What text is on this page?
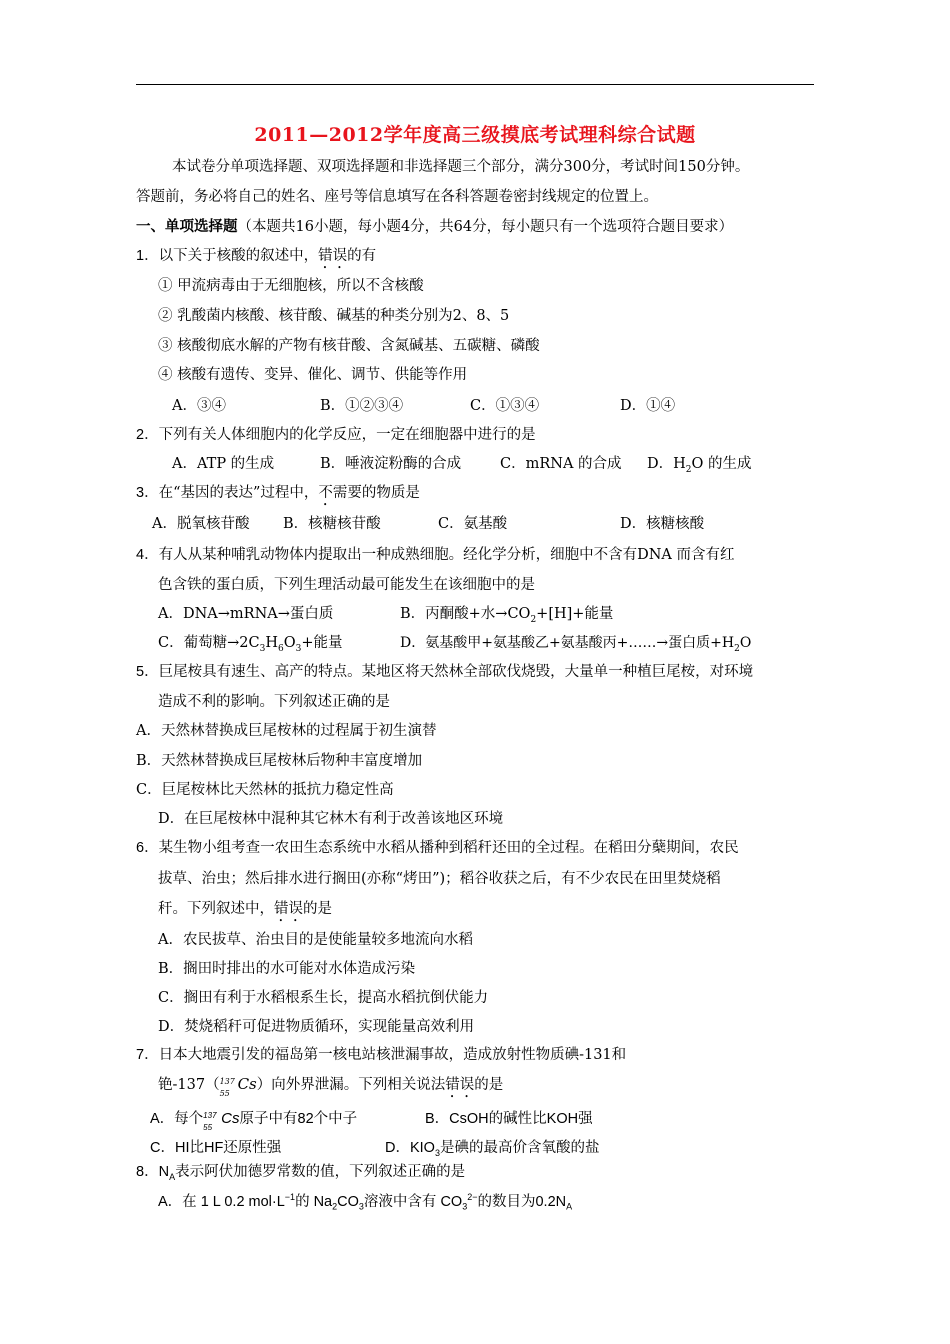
2011—2012学年度高三级摸底考试理科综合试题
本试卷分单项选择题、双项选择题和非选择题三个部分，满分300分，考试时间150分钟。
答题前，务必将自己的姓名、座号等信息填写在各科答题卷密封线规定的位置上。
一、单项选择题（本题共16小题，每小题4分，共64分，每小题只有一个选项符合题目要求）
1．以下关于核酸的叙述中，错误的有
① 甲流病毒由于无细胞核，所以不含核酸
② 乳酸菌内核酸、核苷酸、碱基的种类分别为2、8、5
③ 核酸彻底水解的产物有核苷酸、含氮碱基、五碳糖、磷酸
④ 核酸有遗传、变异、催化、调节、供能等作用
A．③④	B．①②③④	C．①③④	D．①④
2．下列有关人体细胞内的化学反应，一定在细胞器中进行的是
A．ATP 的生成	B．唾液淀粉酶的合成	C．mRNA 的合成 D．$H_2O$ 的生成
3．在“基因的表达”过程中，不需要的物质是
A．脱氧核苷酸 B．核糖核苷酸	C．氨基酸	D．核糖核酸
4．有人从某种哺乳动物体内提取出一种成熟细胞。经化学分析，细胞中不含有DNA 而含有红
色含铁的蛋白质，下列生理活动最可能发生在该细胞中的是
A．DNA→mRNA→蛋白质	B．丙酮酸+水$\to CO_2+[H]+$能量
C．葡萄糖$\to 2C_3H_6O_3+$能量	D．氨基酸甲+氨基酸乙+氨基酸丙+……→蛋白质$+H_2O$
5．巨尾桉具有速生、高产的特点。某地区将天然林全部砍伐烧毁，大量单一种植巨尾桉，对环境
造成不利的影响。下列叙述正确的是
A．天然林替换成巨尾桉林的过程属于初生演替
B．天然林替换成巨尾桉林后物种丰富度增加
C．巨尾桉林比天然林的抵抗力稳定性高
D．在巨尾桉林中混种其它林木有利于改善该地区环境
6．某生物小组考查一农田生态系统中水稻从播种到稻秆还田的全过程。在稻田分蘖期间，农民
拔草、治虫；然后排水进行搁田(亦称“烤田”)；稻谷收获之后，有不少农民在田里焚烧稻
秆。下列叙述中，错误的是
A．农民拔草、治虫目的是使能量较多地流向水稻
B．搁田时排出的水可能对水体造成污染
C．搁田有利于水稻根系生长，提高水稻抗倒伏能力
D．焚烧稻秆可促进物质循环，实现能量高效利用
7．日本大地震引发的福岛第一核电站核泄漏事故，造成放射性物质碘-131和
铯-137（ 137
55
Cs）向外界泄漏。下列相关说法错误的是
A．每个 137
55
Cs原子中有82个中子	B．CsOH的碱性比KOH强
C．HI比HF还原性强	D．$KIO_3$是碘的最高价含氧酸的盐
8．$N_A$表示阿伏加德罗常数的值，下列叙述正确的是
A．在 1 L 0.2 $mol\cdot L^{-1}$的 $Na_2CO_3$溶液中含有 $CO_3^{2-}$的数目为$0.2N_A$
